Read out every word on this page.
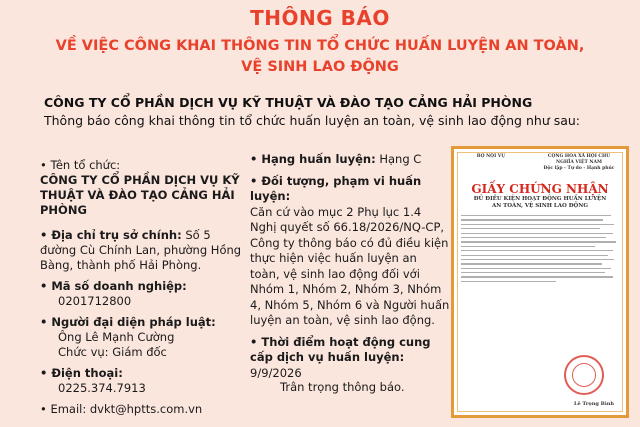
THÔNG BÁO
VỀ VIỆC CÔNG KHAI THÔNG TIN TỔ CHỨC HUẤN LUYỆN AN TOÀN,
VỆ SINH LAO ĐỘNG

CÔNG TY CỔ PHẦN DỊCH VỤ KỸ THUẬT VÀ ĐÀO TẠO CẢNG HẢI PHÒNG

Thông báo công khai thông tin tổ chức huấn luyện an toàn, vệ sinh lao động như sau:

• Tên tổ chức:
CÔNG TY CỔ PHẦN DỊCH VỤ KỸ THUẬT VÀ ĐÀO TẠO CẢNG HẢI PHÒNG
• Địa chỉ trụ sở chính: Số 5 đường Cù Chính Lan, phường Hồng Bàng, thành phố Hải Phòng.
• Mã số doanh nghiệp:
0201712800
• Người đại diện pháp luật:
Ông Lê Mạnh Cường
Chức vụ: Giám đốc
• Điện thoại:
0225.374.7913
• Email: dvkt@hptts.com.vn
• Hạng huấn luyện: Hạng C
• Đối tượng, phạm vi huấn luyện:
Căn cứ vào mục 2 Phụ lục 1.4 Nghị quyết số 66.18/2026/NQ-CP, Công ty thông báo có đủ điều kiện thực hiện việc huấn luyện an toàn, vệ sinh lao động đối với Nhóm 1, Nhóm 2, Nhóm 3, Nhóm 4, Nhóm 5, Nhóm 6 và Người huấn luyện an toàn, vệ sinh lao động.
• Thời điểm hoạt động cung cấp dịch vụ huấn luyện: 9/9/2026
Trân trọng thông báo.
BỘ NỘI VỤ	CỘNG HÒA XÃ HỘI CHỦ NGHĨA VIỆT NAM
Độc lập - Tự do - Hạnh phúc
GIẤY CHỨNG NHẬN
ĐỦ ĐIỀU KIỆN HOẠT ĐỘNG HUẤN LUYỆN
AN TOÀN, VỆ SINH LAO ĐỘNG
Lê Trọng Bình
